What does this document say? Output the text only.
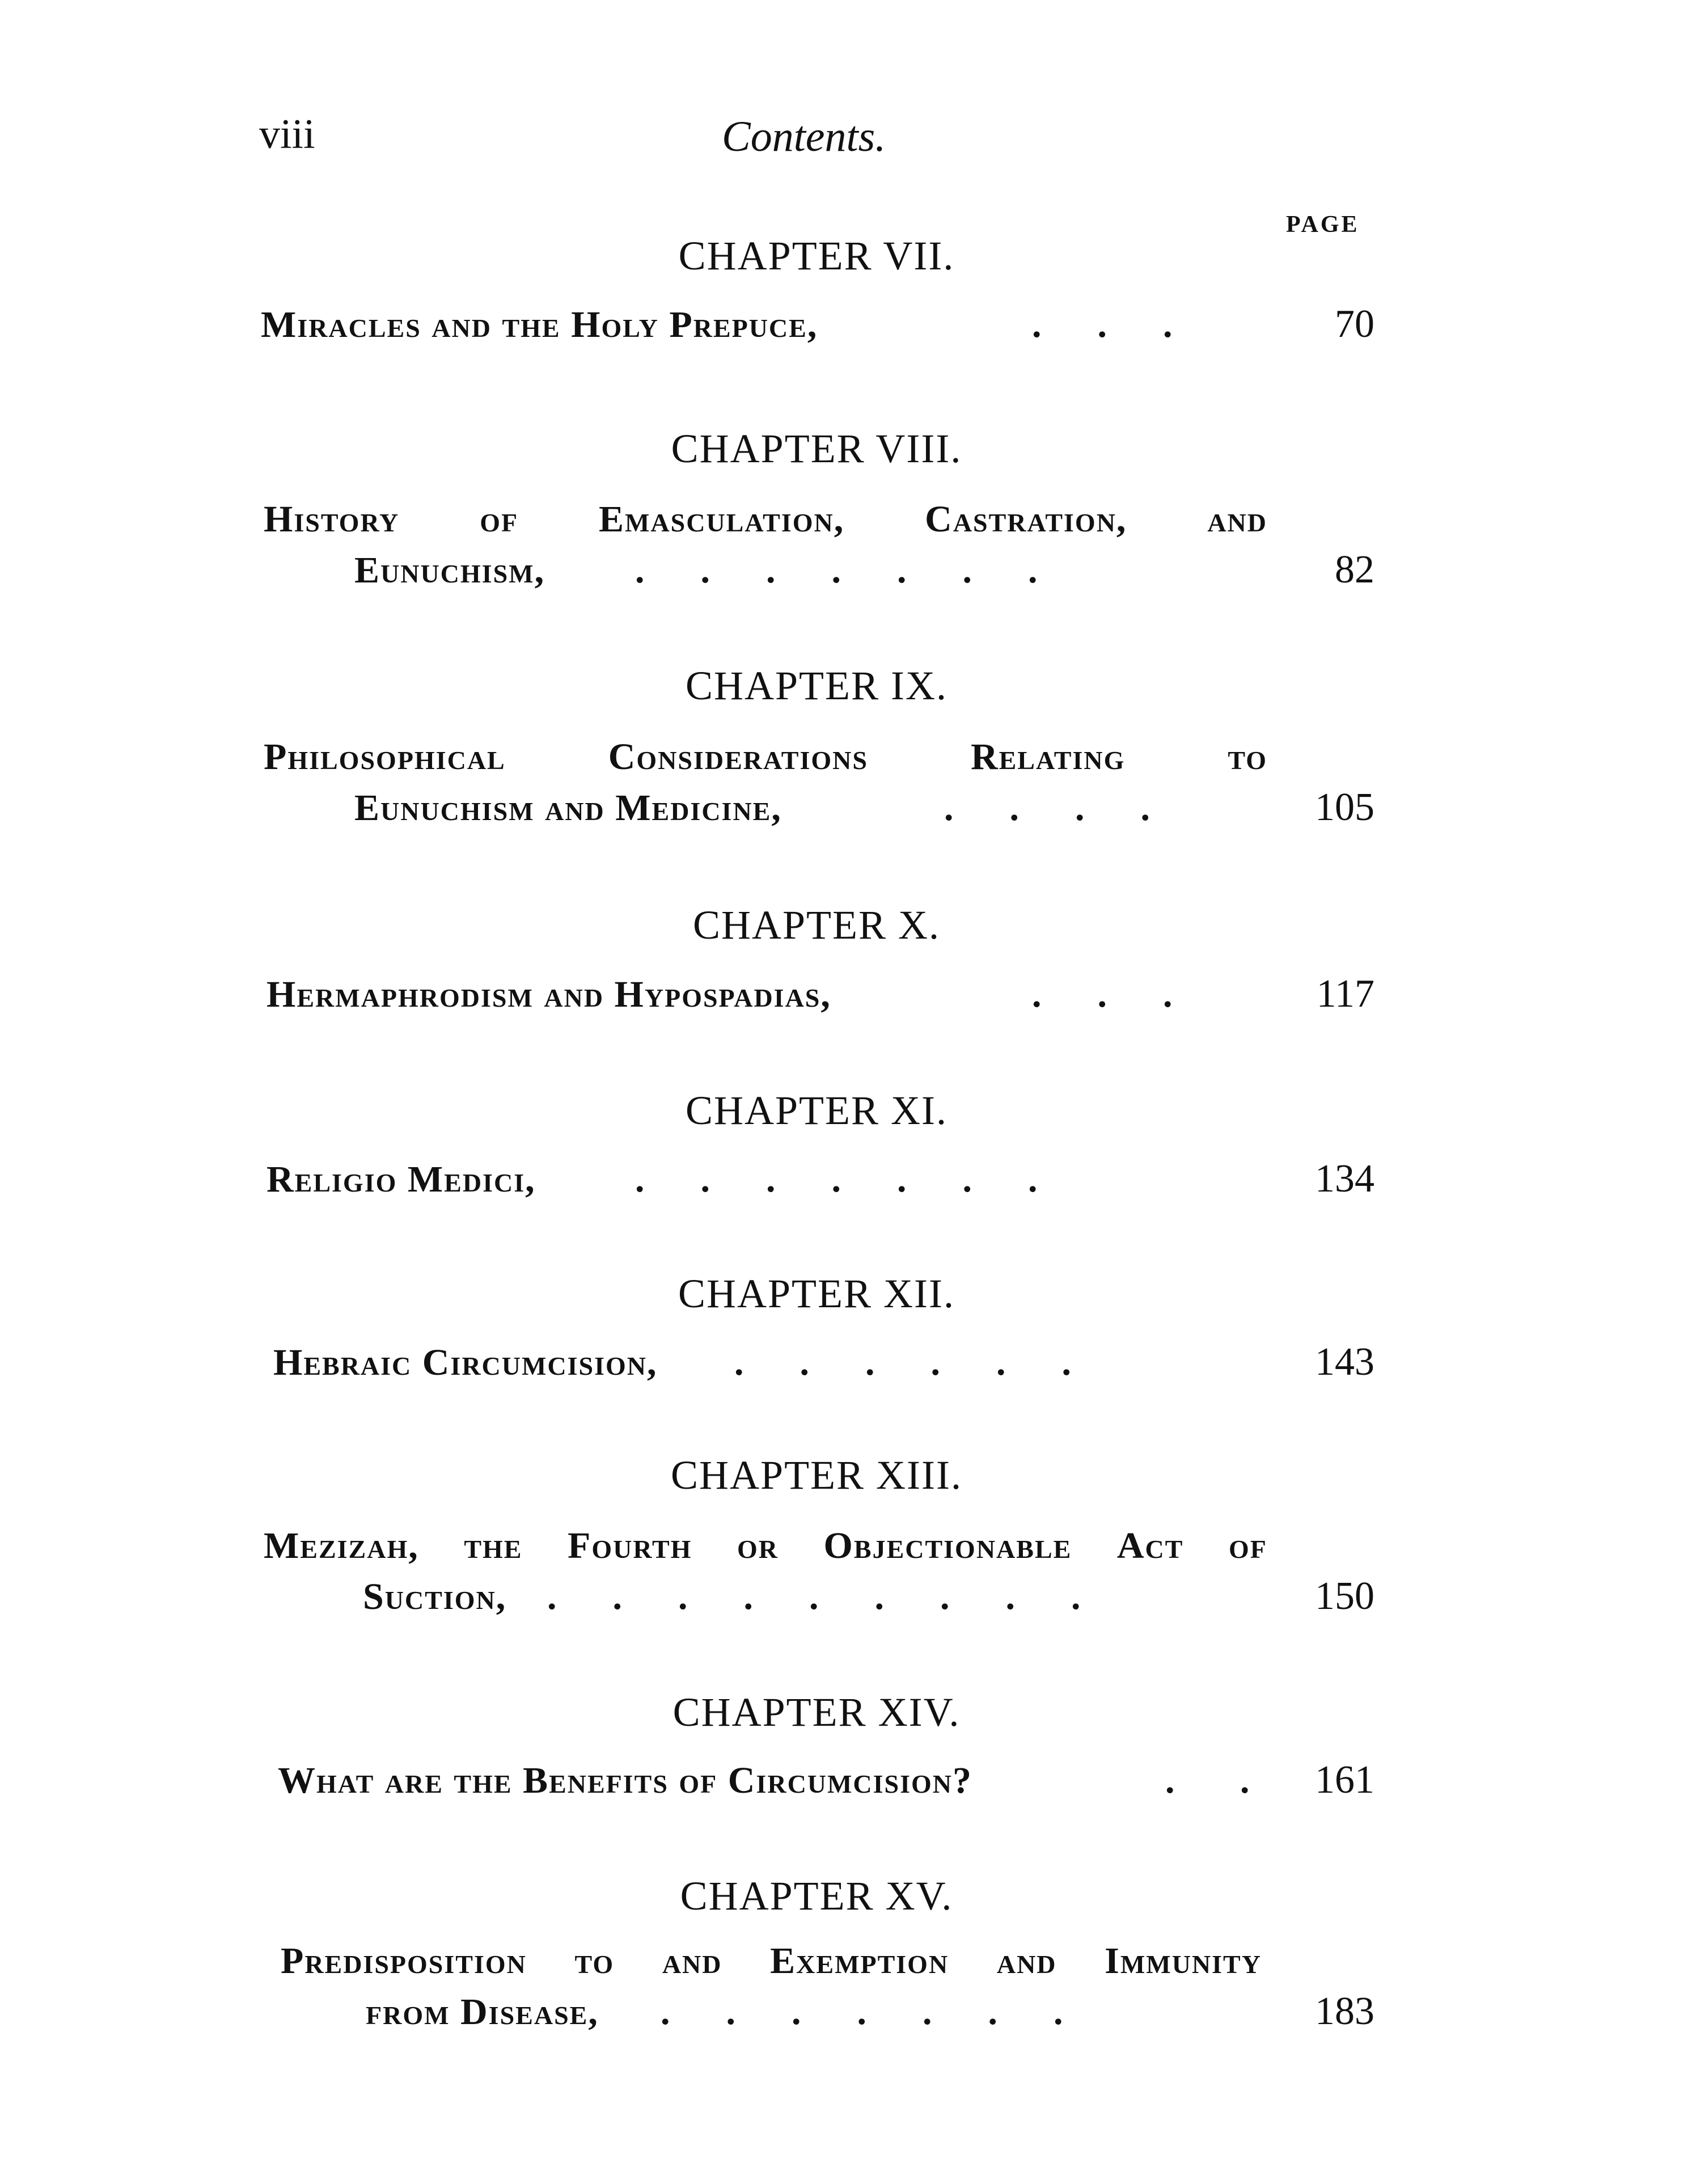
viii	Contents.
PAGE
CHAPTER VII.
Miracles and the Holy Prepuce,	.      .      .	70
CHAPTER VIII.
History of Emasculation, Castration, and
Eunuchism, .      .      .      .      .      .      .	82
CHAPTER IX.
Philosophical	Considerations	Relating	to
Eunuchism and Medicine,	.      .      .      .	105
CHAPTER X.
Hermaphrodism and Hypospadias,	.      .      .	117
CHAPTER XI.
Religio Medici,	.      .      .      .      .      .      .	134
CHAPTER XII.
Hebraic Circumcision, .      .      .      .      .      .	143
CHAPTER XIII.
Mezizah, the Fourth or Objectionable Act of
Suction, .      .      .      .      .      .      .      .      .	150
CHAPTER XIV.
What are the Benefits of Circumcision?	.       . 161
CHAPTER XV.
Predisposition to and Exemption and Immunity
from Disease, .      .      .      .      .      .      .	183
